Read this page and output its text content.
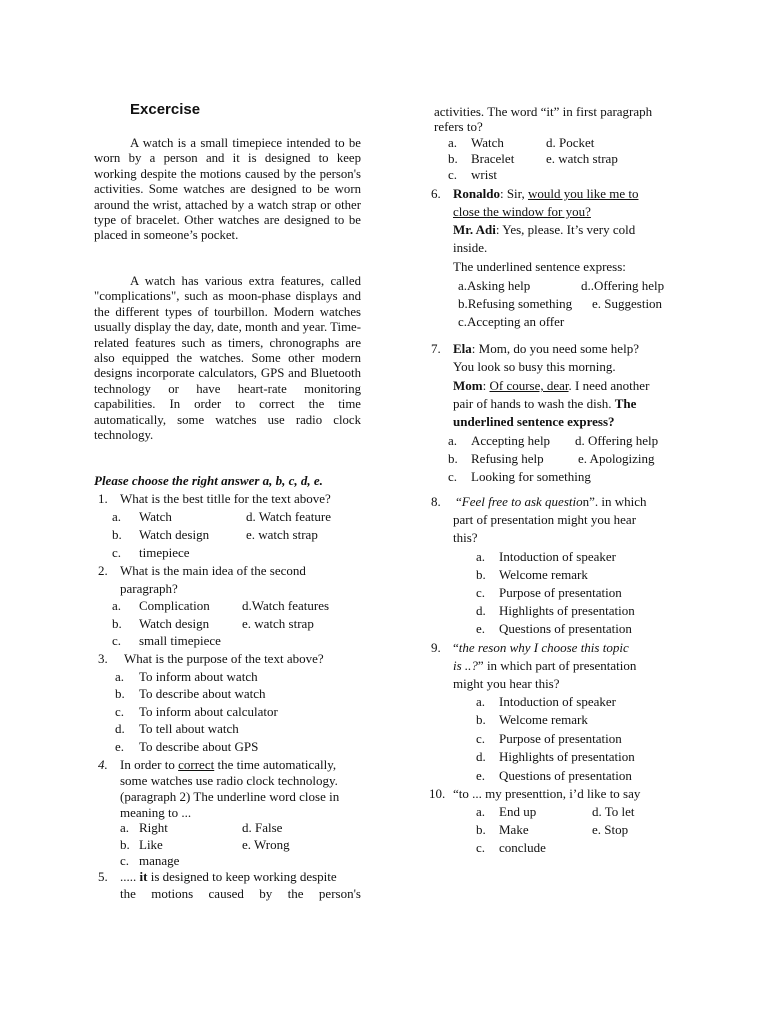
Excercise
A watch is a small timepiece intended to be worn by a person and it is designed to keep working despite the motions caused by the person's activities. Some watches are designed to be worn around the wrist, attached by a watch strap or other type of bracelet. Other watches are designed to be placed in someone’s pocket.
A watch has various extra features, called "complications", such as moon-phase displays and the different types of tourbillon. Modern watches usually display the day, date, month and year. Time-related features such as timers, chronographs are also equipped the watches. Some other modern designs incorporate calculators, GPS and Bluetooth technology or have heart-rate monitoring capabilities. In order to correct the time automatically, some watches use radio clock technology.
Please choose the right answer a, b, c, d, e.
1. What is the best titlle for the text above?
a. Watch	d. Watch feature
b. Watch design	e. watch strap
c. timepiece
2. What is the main idea of the second
paragraph?
a. Complication d.Watch features
b. Watch design	e. watch strap
c. small timepiece
3. What is the purpose of the text above?
a. To inform about watch
b. To describe about watch
c. To inform about calculator
d. To tell about watch
e. To describe about GPS
4. In order to correct the time automatically,
some watches use radio clock technology.
(paragraph 2) The underline word close in
meaning to ...
a. Right	d. False
b. Like	e. Wrong
c. manage
5. ..... it is designed to keep working despite
the motions caused by the person's
activities. The word “it” in first paragraph
refers to?
a. Watch	d. Pocket
b. Bracelet e. watch strap
c. wrist
6. Ronaldo: Sir, would you like me to
close the window for you?
Mr. Adi: Yes, please. It’s very cold
inside.
The underlined sentence express:
a.Asking help	d..Offering help
b.Refusing something e. Suggestion
c.Accepting an offer
7. Ela: Mom, do you need some help?
You look so busy this morning.
Mom: Of course, dear. I need another
pair of hands to wash the dish. The
underlined sentence express?
a. Accepting help d. Offering help
b. Refusing help	e. Apologizing
c. Looking for something
8. “Feel free to ask question”. in which
part of presentation might you hear
this?
a. Intoduction of speaker
b. Welcome remark
c. Purpose of presentation
d. Highlights of presentation
e. Questions of presentation
9. “the reson why I choose this topic
is ..?” in which part of presentation
might you hear this?
a. Intoduction of speaker
b. Welcome remark
c. Purpose of presentation
d. Highlights of presentation
e. Questions of presentation
10. “to ... my presenttion, i’d like to say
a. End up	d. To let
b. Make	e. Stop
c. conclude
